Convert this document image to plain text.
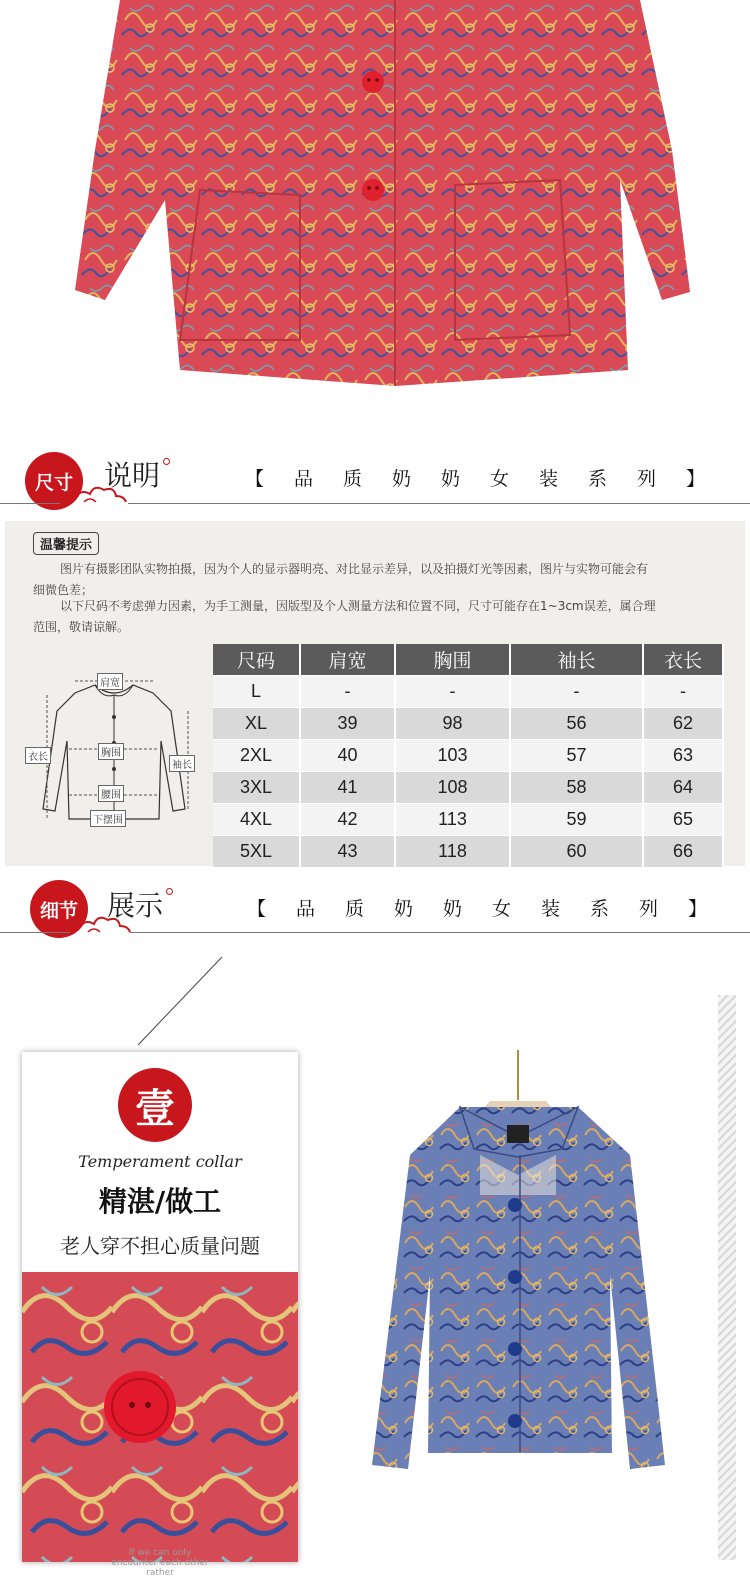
尺寸 说明	【 品 质 奶 奶 女 装 系 列 】
温馨提示
图片有摄影团队实物拍摄，因为个人的显示器明亮、对比显示差异，以及拍摄灯光等因素，图片与实物可能会有
细微色差；
以下尺码不考虑弹力因素，为手工测量，因版型及个人测量方法和位置不同，尺寸可能存在1~3cm误差，属合理
范围，敬请谅解。
肩宽
衣长	胸围
袖长
腰围
下摆围
尺码	肩宽	胸围	袖长	衣长
L	-	-	-	-
XL	39	98	56	62
2XL	40	103	57	63
3XL	41	108	58	64
4XL	42	113	59	65
5XL	43	118	60	66
细节 展示	【 品 质 奶 奶 女 装 系 列 】
壹
Temperament collar
精湛/做工
老人穿不担心质量问题
If we can only
encounter each other rather
